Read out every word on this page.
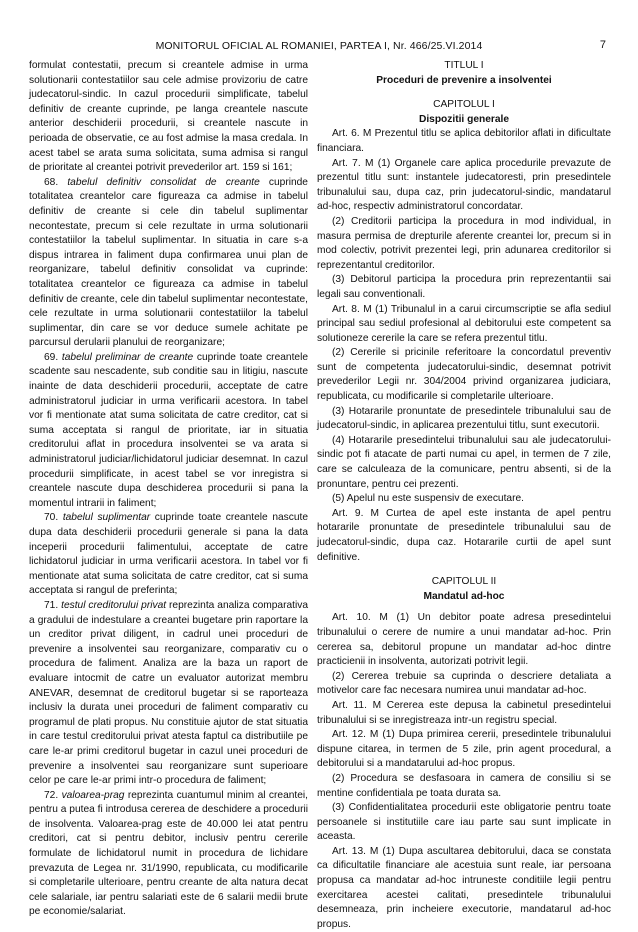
MONITORUL OFICIAL AL ROMANIEI, PARTEA I, Nr. 466/25.VI.2014	7

formulat contestatii, precum si creantele admise in urma solutionarii contestatiilor sau cele admise provizoriu de catre judecatorul-sindic. In cazul procedurii simplificate, tabelul definitiv de creante cuprinde, pe langa creantele nascute anterior deschiderii procedurii, si creantele nascute in perioada de observatie, ce au fost admise la masa credala. In acest tabel se arata suma solicitata, suma admisa si rangul de prioritate al creantei potrivit prevederilor art. 159 si 161;

68. tabelul definitiv consolidat de creante cuprinde totalitatea creantelor care figureaza ca admise in tabelul definitiv de creante si cele din tabelul suplimentar necontestate, precum si cele rezultate in urma solutionarii contestatiilor la tabelul suplimentar. In situatia in care s-a dispus intrarea in faliment dupa confirmarea unui plan de reorganizare, tabelul definitiv consolidat va cuprinde: totalitatea creantelor ce figureaza ca admise in tabelul definitiv de creante, cele din tabelul suplimentar necontestate, cele rezultate in urma solutionarii contestatiilor la tabelul suplimentar, din care se vor deduce sumele achitate pe parcursul derularii planului de reorganizare;

69. tabelul preliminar de creante cuprinde toate creantele scadente sau nescadente, sub conditie sau in litigiu, nascute inainte de data deschiderii procedurii, acceptate de catre administratorul judiciar in urma verificarii acestora. In tabel vor fi mentionate atat suma solicitata de catre creditor, cat si suma acceptata si rangul de prioritate, iar in situatia creditorului aflat in procedura insolventei se va arata si administratorul judiciar/lichidatorul judiciar desemnat. In cazul procedurii simplificate, in acest tabel se vor inregistra si creantele nascute dupa deschiderea procedurii si pana la momentul intrarii in faliment;

70. tabelul suplimentar cuprinde toate creantele nascute dupa data deschiderii procedurii generale si pana la data inceperii procedurii falimentului, acceptate de catre lichidatorul judiciar in urma verificarii acestora. In tabel vor fi mentionate atat suma solicitata de catre creditor, cat si suma acceptata si rangul de preferinta;

71. testul creditorului privat reprezinta analiza comparativa a gradului de indestulare a creantei bugetare prin raportare la un creditor privat diligent, in cadrul unei proceduri de prevenire a insolventei sau reorganizare, comparativ cu o procedura de faliment. Analiza are la baza un raport de evaluare intocmit de catre un evaluator autorizat membru ANEVAR, desemnat de creditorul bugetar si se raporteaza inclusiv la durata unei proceduri de faliment comparativ cu programul de plati propus. Nu constituie ajutor de stat situatia in care testul creditorului privat atesta faptul ca distributiile pe care le-ar primi creditorul bugetar in cazul unei proceduri de prevenire a insolventei sau reorganizare sunt superioare celor pe care le-ar primi intr-o procedura de faliment;

72. valoarea-prag reprezinta cuantumul minim al creantei, pentru a putea fi introdusa cererea de deschidere a procedurii de insolventa. Valoarea-prag este de 40.000 lei atat pentru creditori, cat si pentru debitor, inclusiv pentru cererile formulate de lichidatorul numit in procedura de lichidare prevazuta de Legea nr. 31/1990, republicata, cu modificarile si completarile ulterioare, pentru creante de alta natura decat cele salariale, iar pentru salariati este de 6 salarii medii brute pe economie/salariat.

TITLUL I

Proceduri de prevenire a insolventei

CAPITOLUL I

Dispozitii generale

Art. 6. M Prezentul titlu se aplica debitorilor aflati in dificultate financiara.

Art. 7. M (1) Organele care aplica procedurile prevazute de prezentul titlu sunt: instantele judecatoresti, prin presedintele tribunalului sau, dupa caz, prin judecatorul-sindic, mandatarul ad-hoc, respectiv administratorul concordatar.

(2) Creditorii participa la procedura in mod individual, in masura permisa de drepturile aferente creantei lor, precum si in mod colectiv, potrivit prezentei legi, prin adunarea creditorilor si reprezentantul creditorilor.

(3) Debitorul participa la procedura prin reprezentantii sai legali sau conventionali.

Art. 8. M (1) Tribunalul in a carui circumscriptie se afla sediul principal sau sediul profesional al debitorului este competent sa solutioneze cererile la care se refera prezentul titlu.

(2) Cererile si pricinile referitoare la concordatul preventiv sunt de competenta judecatorului-sindic, desemnat potrivit prevederilor Legii nr. 304/2004 privind organizarea judiciara, republicata, cu modificarile si completarile ulterioare.

(3) Hotararile pronuntate de presedintele tribunalului sau de judecatorul-sindic, in aplicarea prezentului titlu, sunt executorii.

(4) Hotararile presedintelui tribunalului sau ale judecatorului-sindic pot fi atacate de parti numai cu apel, in termen de 7 zile, care se calculeaza de la comunicare, pentru absenti, si de la pronuntare, pentru cei prezenti.

(5) Apelul nu este suspensiv de executare.

Art. 9. M Curtea de apel este instanta de apel pentru hotararile pronuntate de presedintele tribunalului sau de judecatorul-sindic, dupa caz. Hotararile curtii de apel sunt definitive.

CAPITOLUL II

Mandatul ad-hoc

Art. 10. M (1) Un debitor poate adresa presedintelui tribunalului o cerere de numire a unui mandatar ad-hoc. Prin cererea sa, debitorul propune un mandatar ad-hoc dintre practicienii in insolventa, autorizati potrivit legii.

(2) Cererea trebuie sa cuprinda o descriere detaliata a motivelor care fac necesara numirea unui mandatar ad-hoc.

Art. 11. M Cererea este depusa la cabinetul presedintelui tribunalului si se inregistreaza intr-un registru special.

Art. 12. M (1) Dupa primirea cererii, presedintele tribunalului dispune citarea, in termen de 5 zile, prin agent procedural, a debitorului si a mandatarului ad-hoc propus.

(2) Procedura se desfasoara in camera de consiliu si se mentine confidentiala pe toata durata sa.

(3) Confidentialitatea procedurii este obligatorie pentru toate persoanele si institutiile care iau parte sau sunt implicate in aceasta.

Art. 13. M (1) Dupa ascultarea debitorului, daca se constata ca dificultatile financiare ale acestuia sunt reale, iar persoana propusa ca mandatar ad-hoc intruneste conditiile legii pentru exercitarea acestei calitati, presedintele tribunalului desemneaza, prin incheiere executorie, mandatarul ad-hoc propus.
